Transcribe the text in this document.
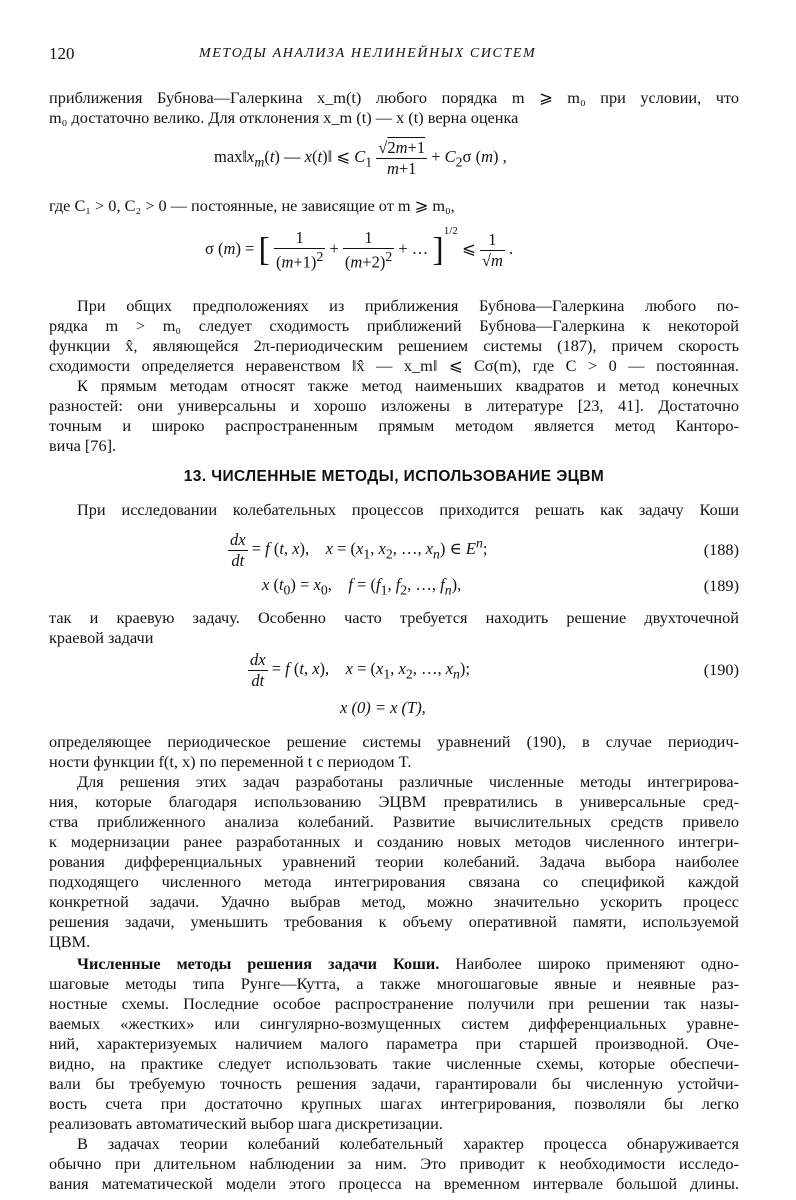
120	МЕТОДЫ АНАЛИЗА НЕЛИНЕЙНЫХ СИСТЕМ
приближения Бубнова—Галеркина x_m(t) любого порядка m ⩾ m₀ при условии, что
m₀ достаточно велико. Для отклонения x_m (t) — x (t) верна оценка
$\max‖x_m(t)$ — x(t)‖ ⩽ $C_1 \frac{√2m+1}{m+1} + C_2\sigma$ (m) ,
где C₁ > 0, C₂ > 0 — постоянные, не зависящие от m ⩾ m₀,
σ (m) = [ $\frac{1}{(m+1)^2} + \frac{1}{(m+2)^2}$ + … ]$^{1/2}$ ⩽ $\frac{1}{√m}$ .
При общих предположениях из приближения Бубнова—Галеркина любого по-
рядка m > m₀ следует сходимость приближений Бубнова—Галеркина к некоторой
функции x̂, являющейся 2π-периодическим решением системы (187), причем скорость
сходимости определяется неравенством ‖x̂ — x_m‖ ⩽ Cσ(m), где C > 0 — постоянная.
К прямым методам относят также метод наименьших квадратов и метод конечных
разностей: они универсальны и хорошо изложены в литературе [23, 41]. Достаточно
точным и широко распространенным прямым методом является метод Канторо-
вича [76].
13. ЧИСЛЕННЫЕ МЕТОДЫ, ИСПОЛЬЗОВАНИЕ ЭЦВМ
При исследовании колебательных процессов приходится решать как задачу Коши
$\frac{dx}{dt} = f$ (t, x),    $x = (x_1$, $x_2$, …, $x_n$) ∈ $E^n$;	(188)
x $(t_0) = x_0$,    $f = (f_1$, $f_2$, …, $f_n$),	(189)
так и краевую задачу. Особенно часто требуется находить решение двухточечной
краевой задачи
$\frac{dx}{dt} = f$ (t, x),    $x = (x_1$, $x_2$, …, $x_n$);	(190)
x (0) = x (T),
определяющее периодическое решение системы уравнений (190), в случае периодич-
ности функции f(t, x) по переменной t с периодом T.
Для решения этих задач разработаны различные численные методы интегрирова-
ния, которые благодаря использованию ЭЦВМ превратились в универсальные сред-
ства приближенного анализа колебаний. Развитие вычислительных средств привело
к модернизации ранее разработанных и созданию новых методов численного интегри-
рования дифференциальных уравнений теории колебаний. Задача выбора наиболее
подходящего численного метода интегрирования связана со спецификой каждой
конкретной задачи. Удачно выбрав метод, можно значительно ускорить процесс
решения задачи, уменьшить требования к объему оперативной памяти, используемой
ЦВМ.
Численные методы решения задачи Коши. Наиболее широко применяют одно-
шаговые методы типа Рунге—Кутта, а также многошаговые явные и неявные раз-
ностные схемы. Последние особое распространение получили при решении так назы-
ваемых «жестких» или сингулярно-возмущенных систем дифференциальных уравне-
ний, характеризуемых наличием малого параметра при старшей производной. Оче-
видно, на практике следует использовать такие численные схемы, которые обеспечи-
вали бы требуемую точность решения задачи, гарантировали бы численную устойчи-
вость счета при достаточно крупных шагах интегрирования, позволяли бы легко
реализовать автоматический выбор шага дискретизации.
В задачах теории колебаний колебательный характер процесса обнаруживается
обычно при длительном наблюдении за ним. Это приводит к необходимости исследо-
вания математической модели этого процесса на временном интервале большой длины.
